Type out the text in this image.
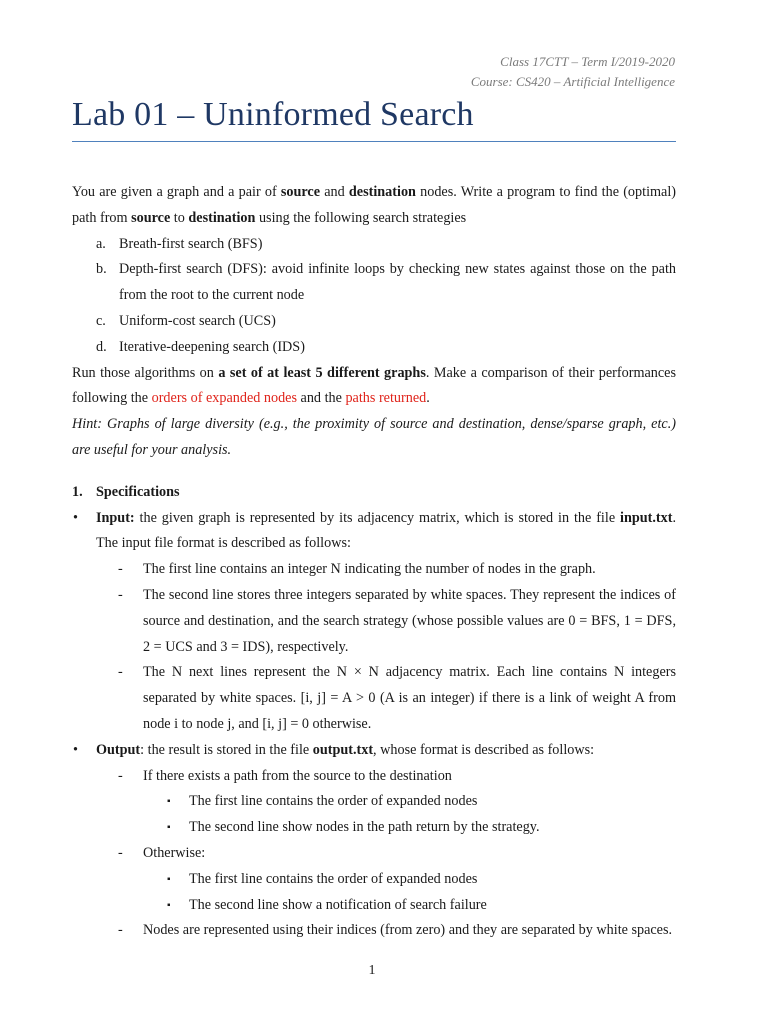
Class 17CTT – Term I/2019-2020
Course: CS420 – Artificial Intelligence
Lab 01 – Uninformed Search

You are given a graph and a pair of source and destination nodes. Write a program to find the (optimal) path from source to destination using the following search strategies

a. Breath-first search (BFS)
b. Depth-first search (DFS): avoid infinite loops by checking new states against those on the path from the root to the current node
c. Uniform-cost search (UCS)
d. Iterative-deepening search (IDS)

Run those algorithms on a set of at least 5 different graphs. Make a comparison of their performances following the orders of expanded nodes and the paths returned.

Hint: Graphs of large diversity (e.g., the proximity of source and destination, dense/sparse graph, etc.) are useful for your analysis.

1. Specifications

• Input: the given graph is represented by its adjacency matrix, which is stored in the file input.txt. The input file format is described as follows:
- The first line contains an integer N indicating the number of nodes in the graph.
- The second line stores three integers separated by white spaces. They represent the indices of source and destination, and the search strategy (whose possible values are 0 = BFS, 1 = DFS, 2 = UCS and 3 = IDS), respectively.
- The N next lines represent the N × N adjacency matrix. Each line contains N integers separated by white spaces. [i, j] = A > 0 (A is an integer) if there is a link of weight A from node i to node j, and [i, j] = 0 otherwise.
• Output: the result is stored in the file output.txt, whose format is described as follows:
- If there exists a path from the source to the destination
▪ The first line contains the order of expanded nodes
▪ The second line show nodes in the path return by the strategy.
- Otherwise:
▪ The first line contains the order of expanded nodes
▪ The second line show a notification of search failure
- Nodes are represented using their indices (from zero) and they are separated by white spaces.
1
